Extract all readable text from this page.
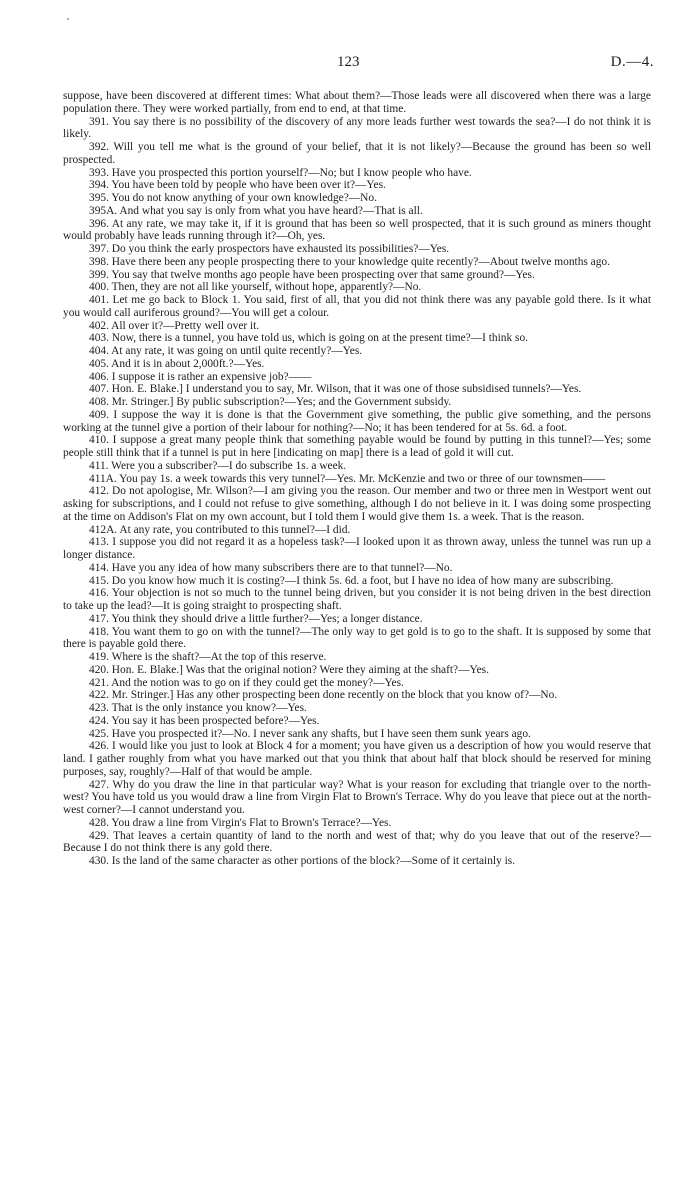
123	D.—4.

suppose, have been discovered at different times: What about them?—Those leads were all discovered when there was a large population there. They were worked partially, from end to end, at that time.

391. You say there is no possibility of the discovery of any more leads further west towards the sea?—I do not think it is likely.

392. Will you tell me what is the ground of your belief, that it is not likely?—Because the ground has been so well prospected.

393. Have you prospected this portion yourself?—No; but I know people who have.

394. You have been told by people who have been over it?—Yes.

395. You do not know anything of your own knowledge?—No.

395A. And what you say is only from what you have heard?—That is all.

396. At any rate, we may take it, if it is ground that has been so well prospected, that it is such ground as miners thought would probably have leads running through it?—Oh, yes.

397. Do you think the early prospectors have exhausted its possibilities?—Yes.

398. Have there been any people prospecting there to your knowledge quite recently?—About twelve months ago.

399. You say that twelve months ago people have been prospecting over that same ground?—Yes.

400. Then, they are not all like yourself, without hope, apparently?—No.

401. Let me go back to Block 1. You said, first of all, that you did not think there was any payable gold there. Is it what you would call auriferous ground?—You will get a colour.

402. All over it?—Pretty well over it.

403. Now, there is a tunnel, you have told us, which is going on at the present time?—I think so.

404. At any rate, it was going on until quite recently?—Yes.

405. And it is in about 2,000ft.?—Yes.

406. I suppose it is rather an expensive job?——

407. Hon. E. Blake.] I understand you to say, Mr. Wilson, that it was one of those subsidised tunnels?—Yes.

408. Mr. Stringer.] By public subscription?—Yes; and the Government subsidy.

409. I suppose the way it is done is that the Government give something, the public give something, and the persons working at the tunnel give a portion of their labour for nothing?—No; it has been tendered for at 5s. 6d. a foot.

410. I suppose a great many people think that something payable would be found by putting in this tunnel?—Yes; some people still think that if a tunnel is put in here [indicating on map] there is a lead of gold it will cut.

411. Were you a subscriber?—I do subscribe 1s. a week.

411A. You pay 1s. a week towards this very tunnel?—Yes. Mr. McKenzie and two or three of our townsmen——

412. Do not apologise, Mr. Wilson?—I am giving you the reason. Our member and two or three men in Westport went out asking for subscriptions, and I could not refuse to give something, although I do not believe in it. I was doing some prospecting at the time on Addison's Flat on my own account, but I told them I would give them 1s. a week. That is the reason.

412A. At any rate, you contributed to this tunnel?—I did.

413. I suppose you did not regard it as a hopeless task?—I looked upon it as thrown away, unless the tunnel was run up a longer distance.

414. Have you any idea of how many subscribers there are to that tunnel?—No.

415. Do you know how much it is costing?—I think 5s. 6d. a foot, but I have no idea of how many are subscribing.

416. Your objection is not so much to the tunnel being driven, but you consider it is not being driven in the best direction to take up the lead?—It is going straight to prospecting shaft.

417. You think they should drive a little further?—Yes; a longer distance.

418. You want them to go on with the tunnel?—The only way to get gold is to go to the shaft. It is supposed by some that there is payable gold there.

419. Where is the shaft?—At the top of this reserve.

420. Hon. E. Blake.] Was that the original notion? Were they aiming at the shaft?—Yes.

421. And the notion was to go on if they could get the money?—Yes.

422. Mr. Stringer.] Has any other prospecting been done recently on the block that you know of?—No.

423. That is the only instance you know?—Yes.

424. You say it has been prospected before?—Yes.

425. Have you prospected it?—No. I never sank any shafts, but I have seen them sunk years ago.

426. I would like you just to look at Block 4 for a moment; you have given us a description of how you would reserve that land. I gather roughly from what you have marked out that you think that about half that block should be reserved for mining purposes, say, roughly?—Half of that would be ample.

427. Why do you draw the line in that particular way? What is your reason for excluding that triangle over to the north-west? You have told us you would draw a line from Virgin Flat to Brown's Terrace. Why do you leave that piece out at the north-west corner?—I cannot understand you.

428. You draw a line from Virgin's Flat to Brown's Terrace?—Yes.

429. That leaves a certain quantity of land to the north and west of that; why do you leave that out of the reserve?—Because I do not think there is any gold there.

430. Is the land of the same character as other portions of the block?—Some of it certainly is.
